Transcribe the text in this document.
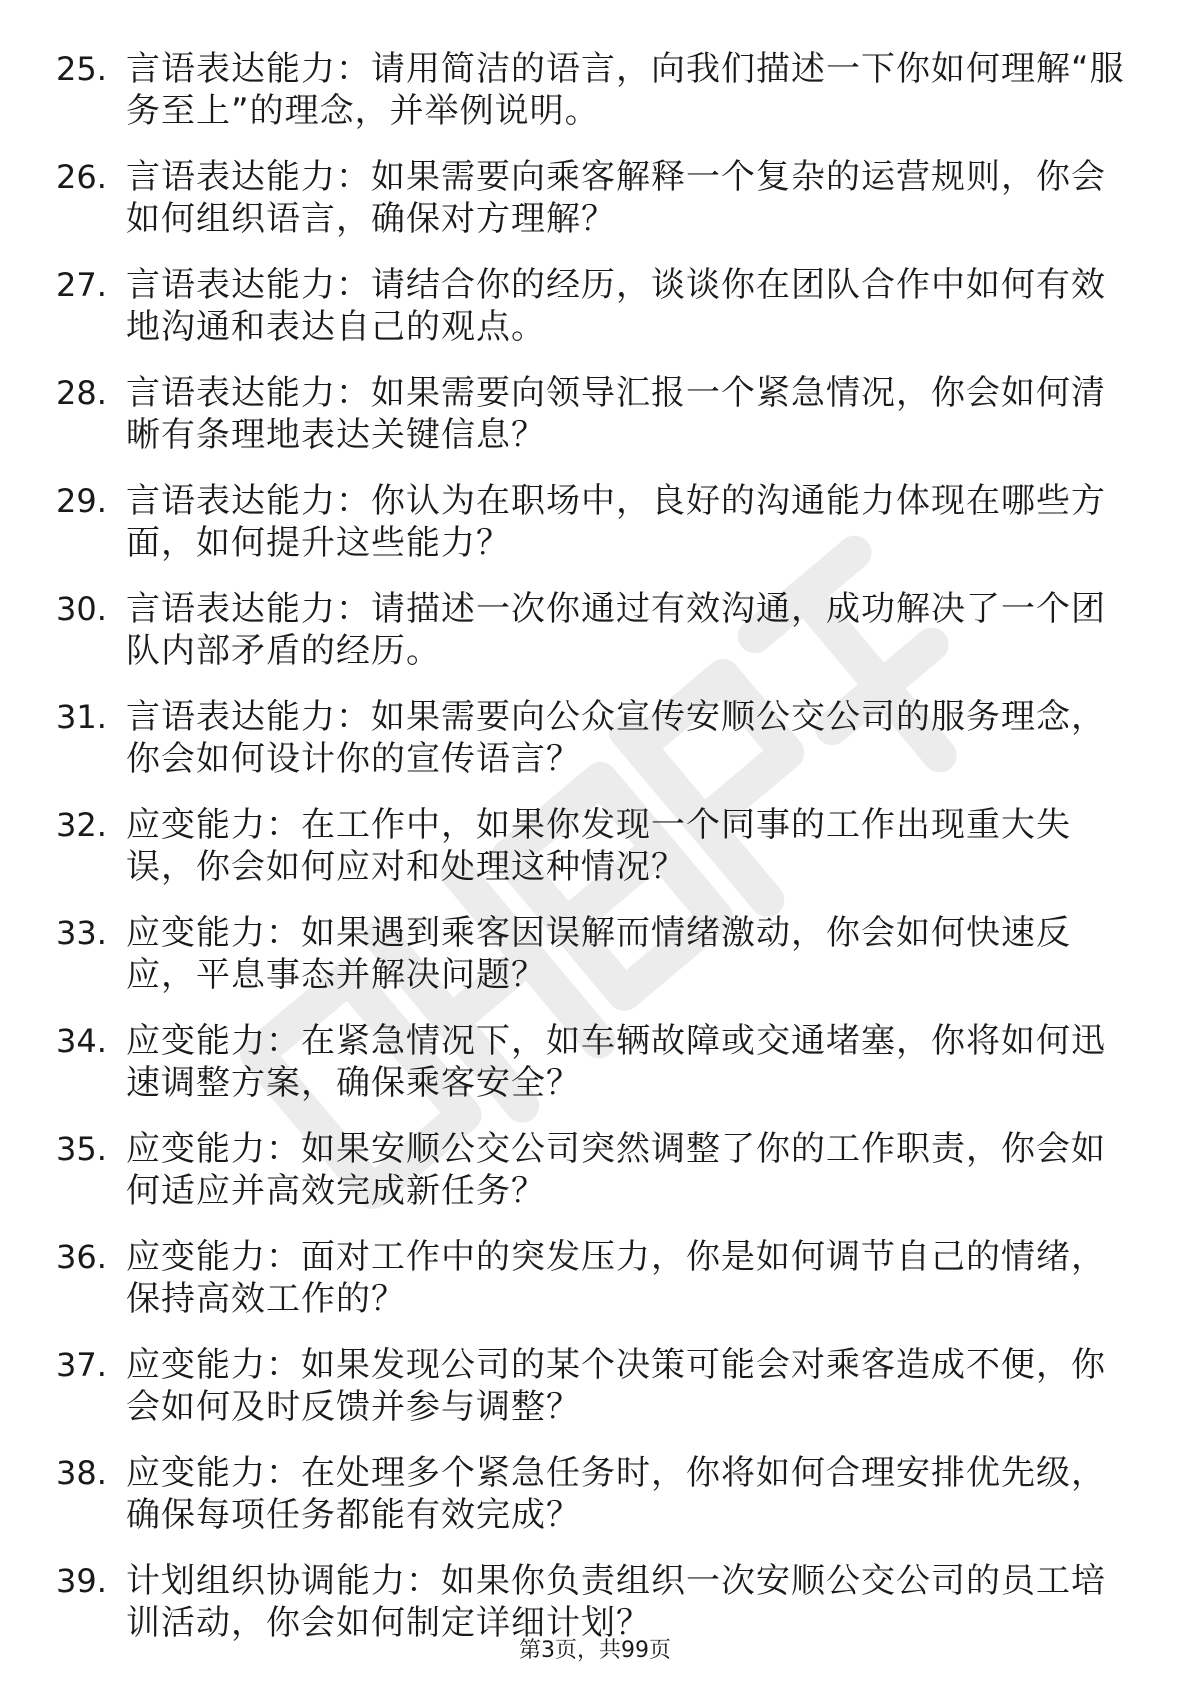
25. 言语表达能力：请用简洁的语言，向我们描述一下你如何理解“服务至上”的理念，并举例说明。
26. 言语表达能力：如果需要向乘客解释一个复杂的运营规则，你会如何组织语言，确保对方理解？
27. 言语表达能力：请结合你的经历，谈谈你在团队合作中如何有效地沟通和表达自己的观点。
28. 言语表达能力：如果需要向领导汇报一个紧急情况，你会如何清晰有条理地表达关键信息？
29. 言语表达能力：你认为在职场中，良好的沟通能力体现在哪些方面，如何提升这些能力？
30. 言语表达能力：请描述一次你通过有效沟通，成功解决了一个团队内部矛盾的经历。
31. 言语表达能力：如果需要向公众宣传安顺公交公司的服务理念，你会如何设计你的宣传语言？
32. 应变能力：在工作中，如果你发现一个同事的工作出现重大失误，你会如何应对和处理这种情况？
33. 应变能力：如果遇到乘客因误解而情绪激动，你会如何快速反应，平息事态并解决问题？
34. 应变能力：在紧急情况下，如车辆故障或交通堵塞，你将如何迅速调整方案，确保乘客安全？
35. 应变能力：如果安顺公交公司突然调整了你的工作职责，你会如何适应并高效完成新任务？
36. 应变能力：面对工作中的突发压力，你是如何调节自己的情绪，保持高效工作的？
37. 应变能力：如果发现公司的某个决策可能会对乘客造成不便，你会如何及时反馈并参与调整？
38. 应变能力：在处理多个紧急任务时，你将如何合理安排优先级，确保每项任务都能有效完成？
39. 计划组织协调能力：如果你负责组织一次安顺公交公司的员工培训活动，你会如何制定详细计划？
第3页，共99页
